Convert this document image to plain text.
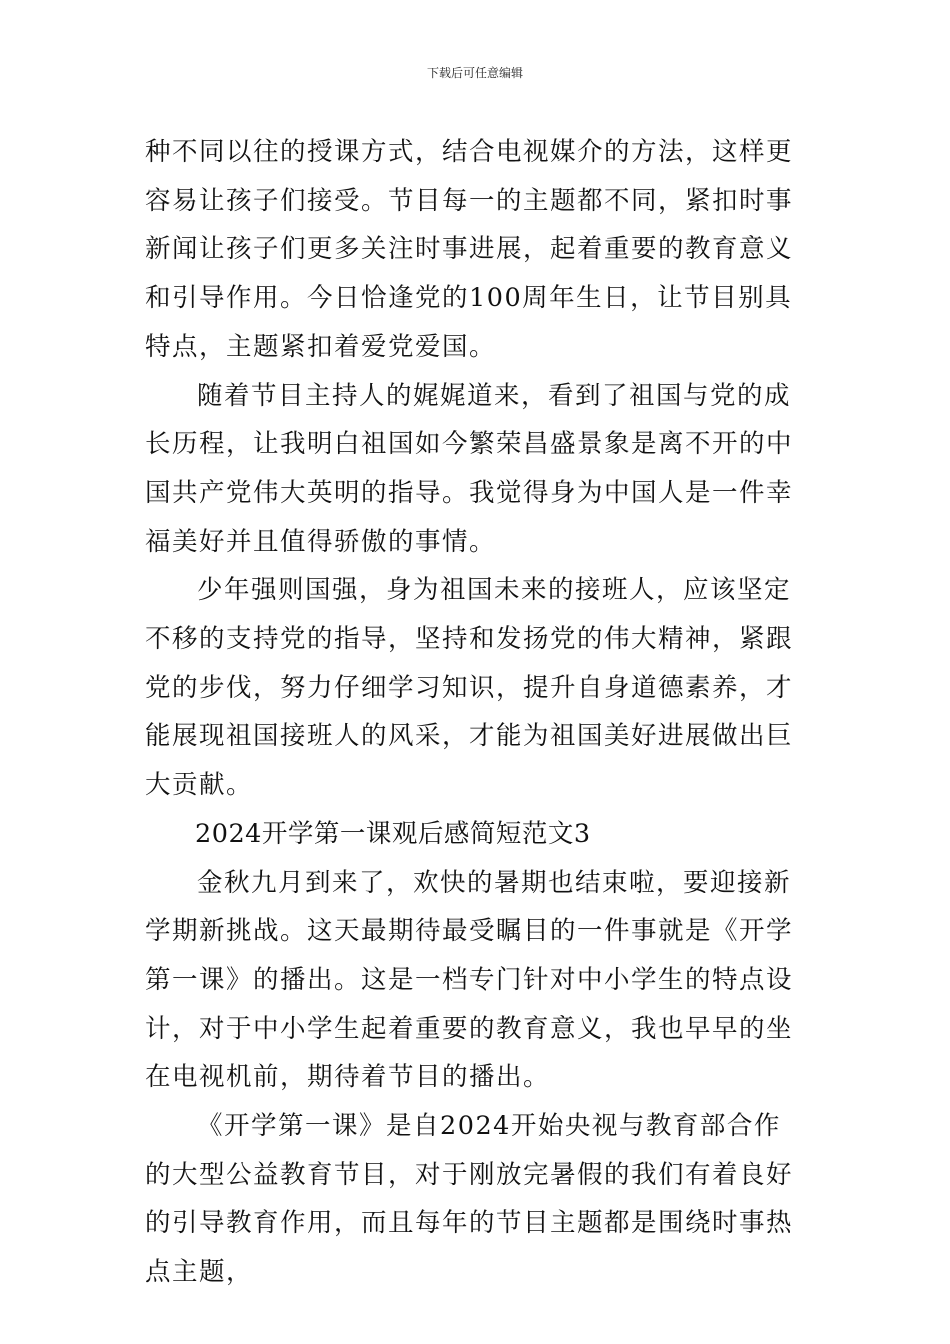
下载后可任意编辑

种不同以往的授课方式，结合电视媒介的方法，这样更容易让孩子们接受。节目每一的主题都不同，紧扣时事新闻让孩子们更多关注时事进展，起着重要的教育意义和引导作用。今日恰逢党的100周年生日，让节目别具特点，主题紧扣着爱党爱国。

随着节目主持人的娓娓道来，看到了祖国与党的成长历程，让我明白祖国如今繁荣昌盛景象是离不开的中国共产党伟大英明的指导。我觉得身为中国人是一件幸福美好并且值得骄傲的事情。

少年强则国强，身为祖国未来的接班人，应该坚定不移的支持党的指导，坚持和发扬党的伟大精神，紧跟党的步伐，努力仔细学习知识，提升自身道德素养，才能展现祖国接班人的风采，才能为祖国美好进展做出巨大贡献。

2024开学第一课观后感简短范文3

金秋九月到来了，欢快的暑期也结束啦，要迎接新学期新挑战。这天最期待最受瞩目的一件事就是《开学第一课》的播出。这是一档专门针对中小学生的特点设计，对于中小学生起着重要的教育意义，我也早早的坐在电视机前，期待着节目的播出。

《开学第一课》是自2024开始央视与教育部合作的大型公益教育节目，对于刚放完暑假的我们有着良好的引导教育作用，而且每年的节目主题都是围绕时事热点主题，
